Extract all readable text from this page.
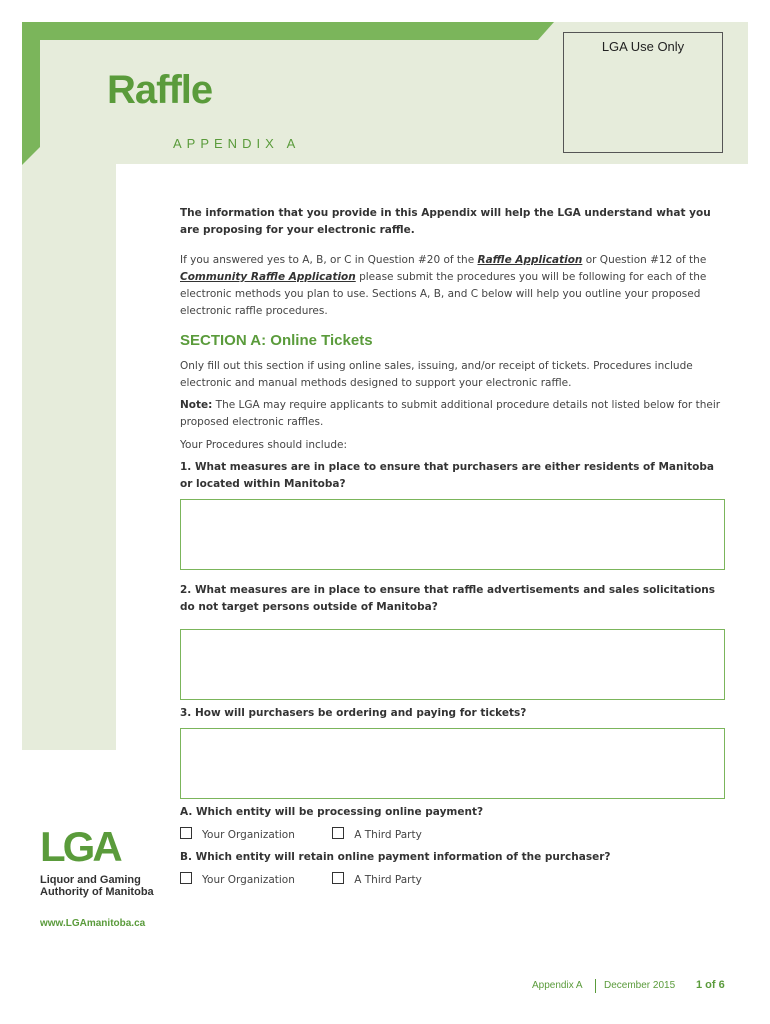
Raffle
APPENDIX A
LGA Use Only
The information that you provide in this Appendix will help the LGA understand what you are proposing for your electronic raffle.
If you answered yes to A, B, or C in Question #20 of the Raffle Application or Question #12 of the Community Raffle Application please submit the procedures you will be following for each of the electronic methods you plan to use. Sections A, B, and C below will help you outline your proposed electronic raffle procedures.
SECTION A: Online Tickets
Only fill out this section if using online sales, issuing, and/or receipt of tickets. Procedures include electronic and manual methods designed to support your electronic raffle.
Note: The LGA may require applicants to submit additional procedure details not listed below for their proposed electronic raffles.
Your Procedures should include:
1. What measures are in place to ensure that purchasers are either residents of Manitoba or located within Manitoba?
2. What measures are in place to ensure that raffle advertisements and sales solicitations do not target persons outside of Manitoba?
3. How will purchasers be ordering and paying for tickets?
A. Which entity will be processing online payment?
Your Organization	A Third Party
B. Which entity will retain online payment information of the purchaser?
Your Organization	A Third Party
LGA
Liquor and Gaming
Authority of Manitoba
www.LGAmanitoba.ca
Appendix A December 2015 1 of 6
